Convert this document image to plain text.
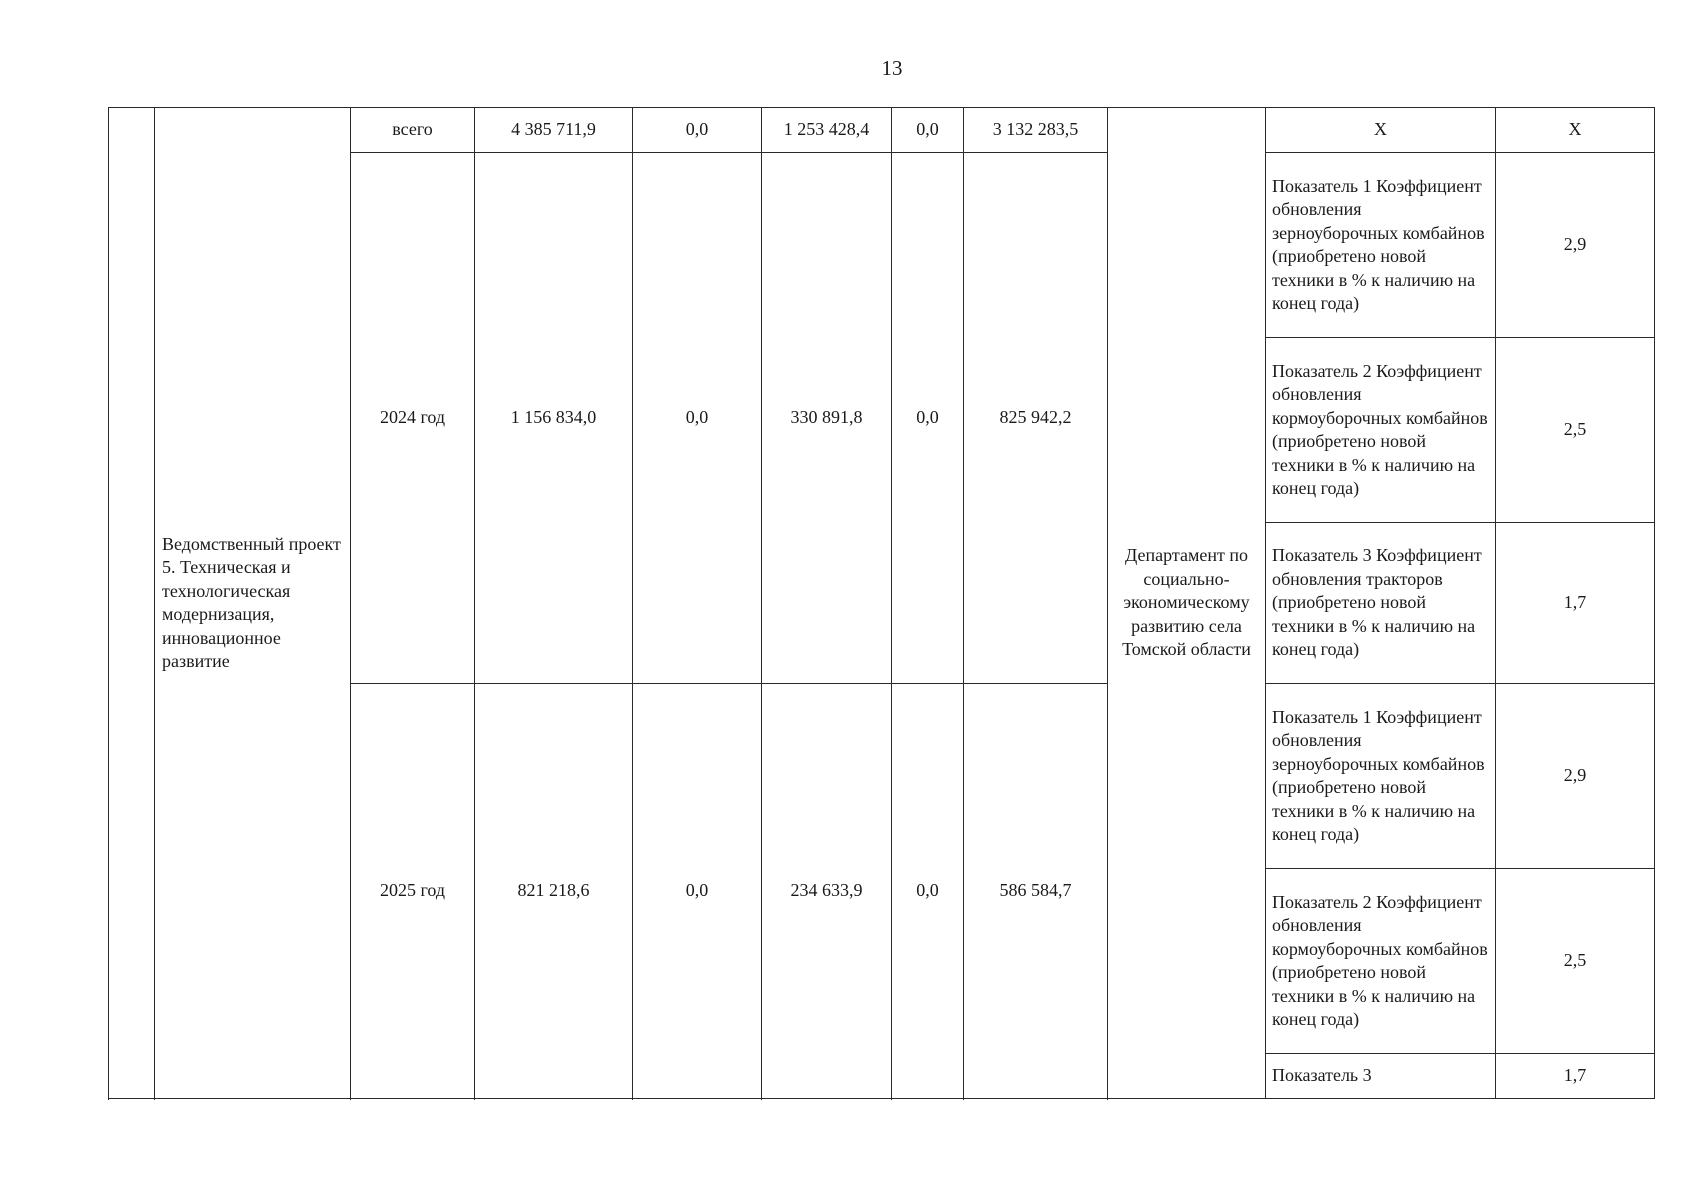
13
	Ведомственный проект 5. Техническая и технологическая модернизация, инновационное развитие	всего	4 385 711,9	0,0	1 253 428,4	0,0	3 132 283,5	Департамент по социально-экономическому развитию села Томской области	Х	Х
		2024 год	1 156 834,0	0,0	330 891,8	0,0	825 942,2		Показатель 1 Коэффициент обновления зерноуборочных комбайнов (приобретено новой техники в % к наличию на конец года)	2,9
									Показатель 2 Коэффициент обновления кормоуборочных комбайнов (приобретено новой техники в % к наличию на конец года)	2,5
									Показатель 3 Коэффициент обновления тракторов (приобретено новой техники в % к наличию на конец года)	1,7
		2025 год	821 218,6	0,0	234 633,9	0,0	586 584,7		Показатель 1 Коэффициент обновления зерноуборочных комбайнов (приобретено новой техники в % к наличию на конец года)	2,9
									Показатель 2 Коэффициент обновления кормоуборочных комбайнов (приобретено новой техники в % к наличию на конец года)	2,5
									Показатель 3	1,7
